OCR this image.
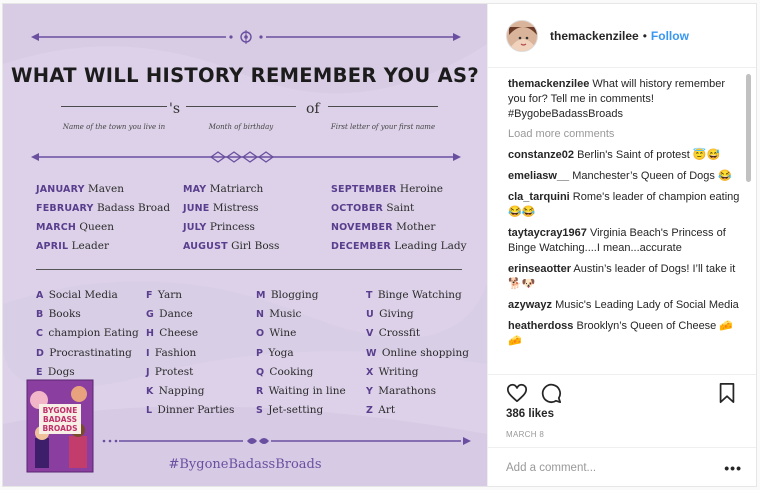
WHAT WILL HISTORY REMEMBER YOU AS?
's	of
Name of the town you live in	Month of birthday	First letter of your first name
JANUARY Maven
FEBRUARY Badass Broad
MARCH Queen
APRIL Leader
MAY Matriarch
JUNE Mistress
JULY Princess
AUGUST Girl Boss
SEPTEMBER Heroine
OCTOBER Saint
NOVEMBER Mother
DECEMBER Leading Lady
A Social Media
B Books
C champion Eating
D Procrastinating
E Dogs
F Yarn
G Dance
H Cheese
I Fashion
J Protest
K Napping
L Dinner Parties
M Blogging
N Music
O Wine
P Yoga
Q Cooking
R Waiting in line
S Jet-setting
T Binge Watching
U Giving
V Crossfit
W Online shopping
X Writing
Y Marathons
Z Art
BYGONE
BADASS
BROADS
#BygoneBadassBroads
themackenzilee • Follow
themackenzilee What will history remember you for? Tell me in comments! #BygobeBadassBroads
Load more comments
constanze02 Berlin's Saint of protest 😇😅
emeliasw__ Manchester’s Queen of Dogs 😂
cla_tarquini Rome's leader of champion eating😂😂
taytaycray1967 Virginia Beach's Princess of Binge Watching....I mean...accurate
erinseaotter Austin’s leader of Dogs! I’ll take it 🐕🐶
azywayz Music's Leading Lady of Social Media
heatherdoss Brooklyn’s Queen of Cheese 🧀🧀
386 likes
MARCH 8
Add a comment...
•••
